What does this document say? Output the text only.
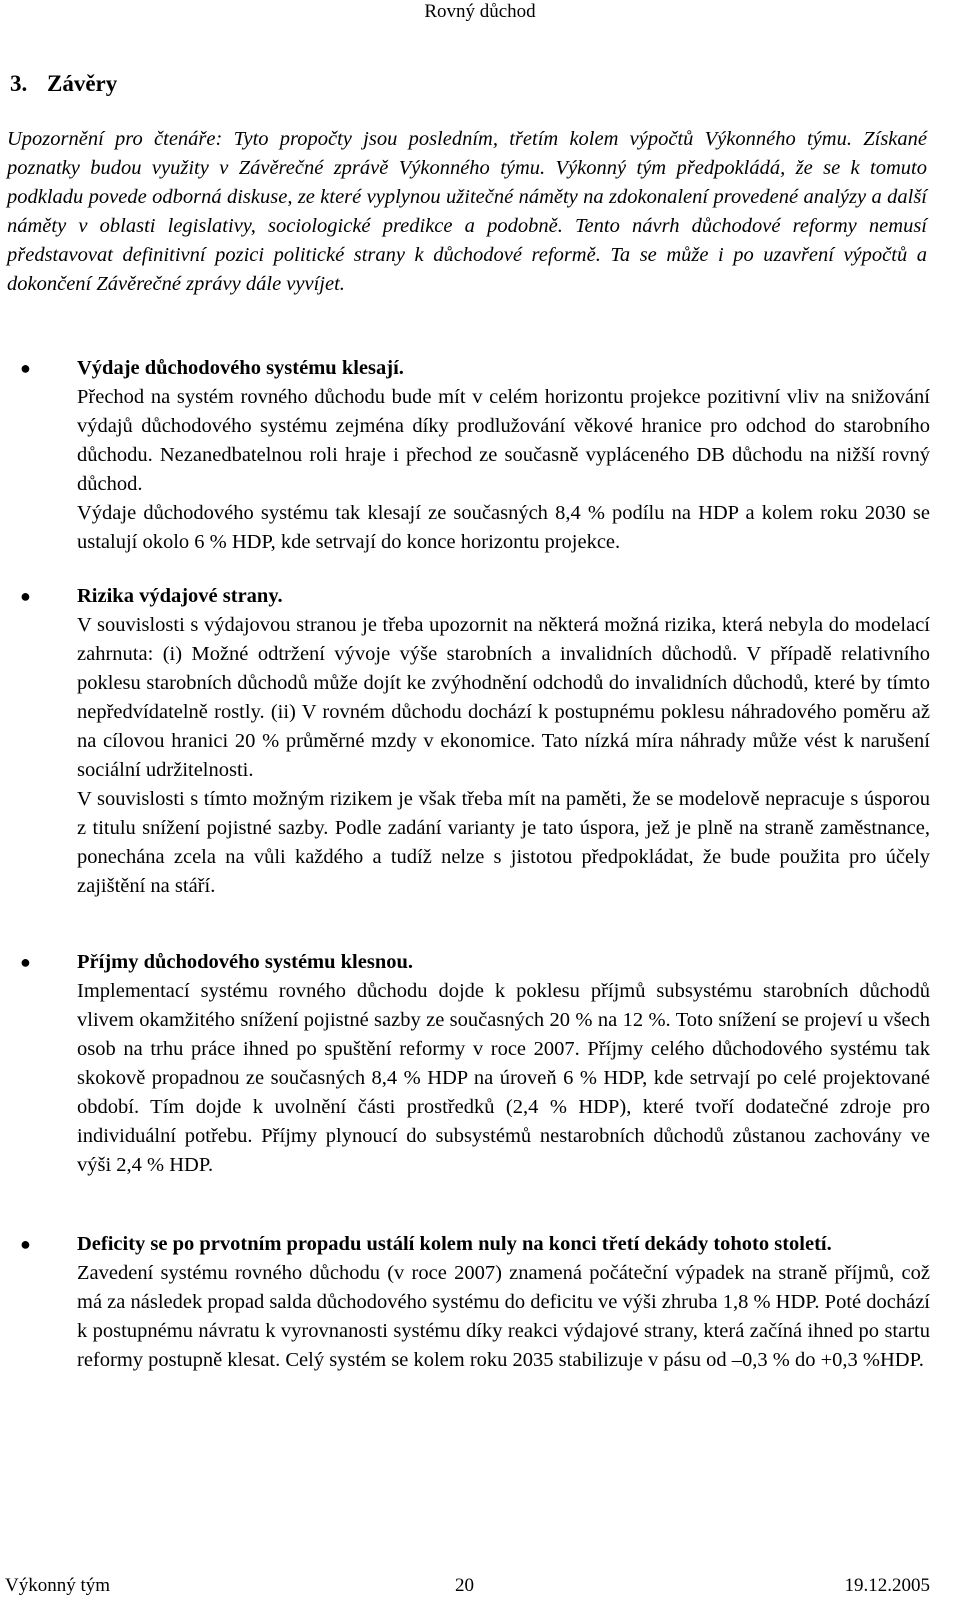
Rovný důchod
3. Závěry

Upozornění pro čtenáře: Tyto propočty jsou posledním, třetím kolem výpočtů Výkonného týmu. Získané poznatky budou využity v Závěrečné zprávě Výkonného týmu. Výkonný tým předpokládá, že se k tomuto podkladu povede odborná diskuse, ze které vyplynou užitečné náměty na zdokonalení provedené analýzy a další náměty v oblasti legislativy, sociologické predikce a podobně. Tento návrh důchodové reformy nemusí představovat definitivní pozici politické strany k důchodové reformě. Ta se může i po uzavření výpočtů a dokončení Závěrečné zprávy dále vyvíjet.

● Výdaje důchodového systému klesají.

Přechod na systém rovného důchodu bude mít v celém horizontu projekce pozitivní vliv na snižování výdajů důchodového systému zejména díky prodlužování věkové hranice pro odchod do starobního důchodu. Nezanedbatelnou roli hraje i přechod ze současně vypláceného DB důchodu na nižší rovný důchod.

Výdaje důchodového systému tak klesají ze současných 8,4 % podílu na HDP a kolem roku 2030 se ustalují okolo 6 % HDP, kde setrvají do konce horizontu projekce.

● Rizika výdajové strany.

V souvislosti s výdajovou stranou je třeba upozornit na některá možná rizika, která nebyla do modelací zahrnuta: (i) Možné odtržení vývoje výše starobních a invalidních důchodů. V případě relativního poklesu starobních důchodů může dojít ke zvýhodnění odchodů do invalidních důchodů, které by tímto nepředvídatelně rostly. (ii) V rovném důchodu dochází k postupnému poklesu náhradového poměru až na cílovou hranici 20 % průměrné mzdy v ekonomice. Tato nízká míra náhrady může vést k narušení sociální udržitelnosti.

V souvislosti s tímto možným rizikem je však třeba mít na paměti, že se modelově nepracuje s úsporou z titulu snížení pojistné sazby. Podle zadání varianty je tato úspora, jež je plně na straně zaměstnance, ponechána zcela na vůli každého a tudíž nelze s jistotou předpokládat, že bude použita pro účely zajištění na stáří.

● Příjmy důchodového systému klesnou.

Implementací systému rovného důchodu dojde k poklesu příjmů subsystému starobních důchodů vlivem okamžitého snížení pojistné sazby ze současných 20 % na 12 %. Toto snížení se projeví u všech osob na trhu práce ihned po spuštění reformy v roce 2007. Příjmy celého důchodového systému tak skokově propadnou ze současných 8,4 % HDP na úroveň 6 % HDP, kde setrvají po celé projektované období. Tím dojde k uvolnění části prostředků (2,4 % HDP), které tvoří dodatečné zdroje pro individuální potřebu. Příjmy plynoucí do subsystémů nestarobních důchodů zůstanou zachovány ve výši 2,4 % HDP.

● Deficity se po prvotním propadu ustálí kolem nuly na konci třetí dekády tohoto století.

Zavedení systému rovného důchodu (v roce 2007) znamená počáteční výpadek na straně příjmů, což má za následek propad salda důchodového systému do deficitu ve výši zhruba 1,8 % HDP. Poté dochází k postupnému návratu k vyrovnanosti systému díky reakci výdajové strany, která začíná ihned po startu reformy postupně klesat. Celý systém se kolem roku 2035 stabilizuje v pásu od –0,3 % do +0,3 %HDP.

Výkonný tým	20	19.12.2005
